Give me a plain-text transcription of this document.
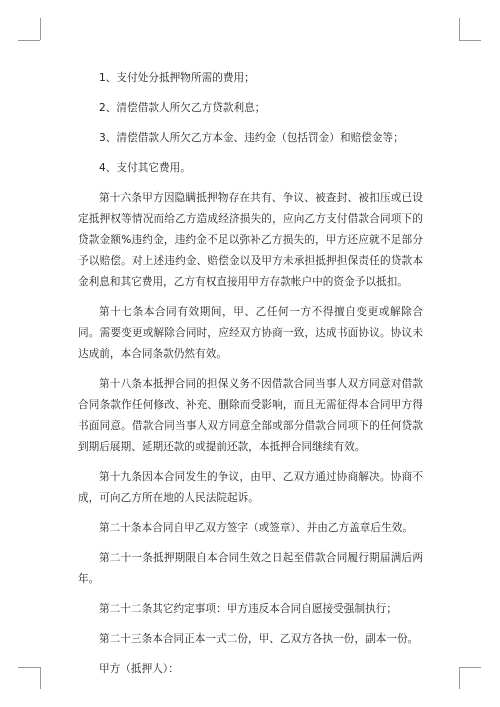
1、支付处分抵押物所需的费用；

2、清偿借款人所欠乙方贷款利息；

3、清偿借款人所欠乙方本金、违约金（包括罚金）和赔偿金等；

4、支付其它费用。

第十六条甲方因隐瞒抵押物存在共有、争议、被查封、被扣压或已设定抵押权等情况而给乙方造成经济损失的，应向乙方支付借款合同项下的贷款金额%违约金，违约金不足以弥补乙方损失的，甲方还应就不足部分予以赔偿。对上述违约金、赔偿金以及甲方未承担抵押担保责任的贷款本金利息和其它费用，乙方有权直接用甲方存款帐户中的资金予以抵扣。

第十七条本合同有效期间，甲、乙任何一方不得擅自变更或解除合同。需要变更或解除合同时，应经双方协商一致，达成书面协议。协议未达成前，本合同条款仍然有效。

第十八条本抵押合同的担保义务不因借款合同当事人双方同意对借款合同条款作任何修改、补充、删除而受影响，而且无需征得本合同甲方得书面同意。借款合同当事人双方同意全部或部分借款合同项下的任何贷款到期后展期、延期还款的或提前还款，本抵押合同继续有效。

第十九条因本合同发生的争议，由甲、乙双方通过协商解决。协商不成，可向乙方所在地的人民法院起诉。

第二十条本合同自甲乙双方签字（或签章）、并由乙方盖章后生效。

第二十一条抵押期限自本合同生效之日起至借款合同履行期届满后两年。

第二十二条其它约定事项：甲方违反本合同自愿接受强制执行；

第二十三条本合同正本一式二份，甲、乙双方各执一份，副本一份。

甲方（抵押人）：
